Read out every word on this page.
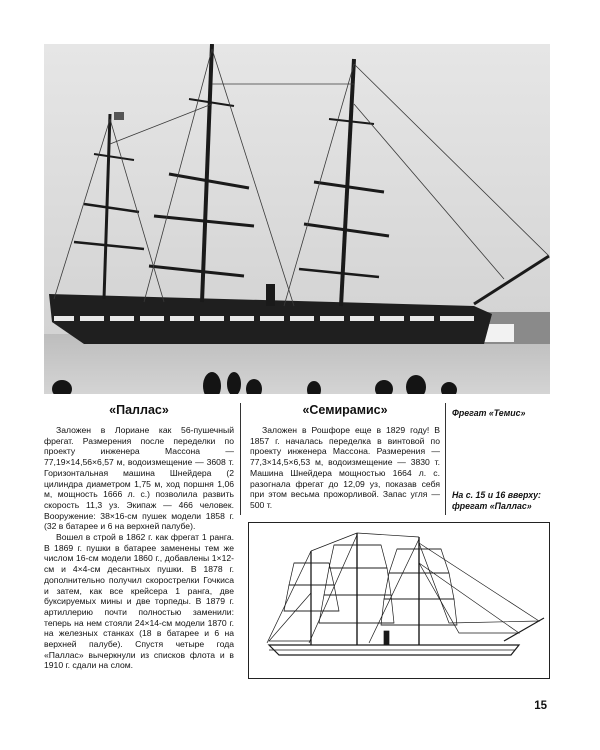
«Паллас»	«Семирамис»	Фрегат «Темис»

Заложен в Лориане как 56-пушечный фрегат. Размерения после переделки по проекту инженера Массона — 77,19×14,56×6,57 м, водоизмещение — 3608 т. Горизонтальная машина Шнейдера (2 цилиндра диаметром 1,75 м, ход поршня 1,06 м, мощность 1666 л. с.) позволила развить скорость 11,3 уз. Экипаж — 466 человек. Вооружение: 38×16-см пушек модели 1858 г. (32 в батарее и 6 на верхней палубе).

Вошел в строй в 1862 г. как фрегат 1 ранга. В 1869 г. пушки в батарее заменены тем же числом 16-см модели 1860 г., добавлены 1×12-см и 4×4-см десантных пушки. В 1878 г. дополнительно получил скорострелки Гочкиса и затем, как все крейсера 1 ранга, две буксируемых мины и две торпеды. В 1879 г. артиллерию почти полностью заменили: теперь на нем стояли 24×14-см модели 1870 г. на железных станках (18 в батарее и 6 на верхней палубе). Спустя четыре года «Паллас» вычеркнули из списков флота и в 1910 г. сдали на слом.

Заложен в Рошфоре еще в 1829 году! В 1857 г. началась переделка в винтовой по проекту инженера Массона. Размерения — 77,3×14,5×6,53 м, водоизмещение — 3830 т. Машина Шнейдера мощностью 1664 л. с. разогнала фрегат до 12,09 уз, показав себя при этом весьма прожорливой. Запас угля — 500 т.

На с. 15 и 16 вверху: фрегат «Паллас»
15
